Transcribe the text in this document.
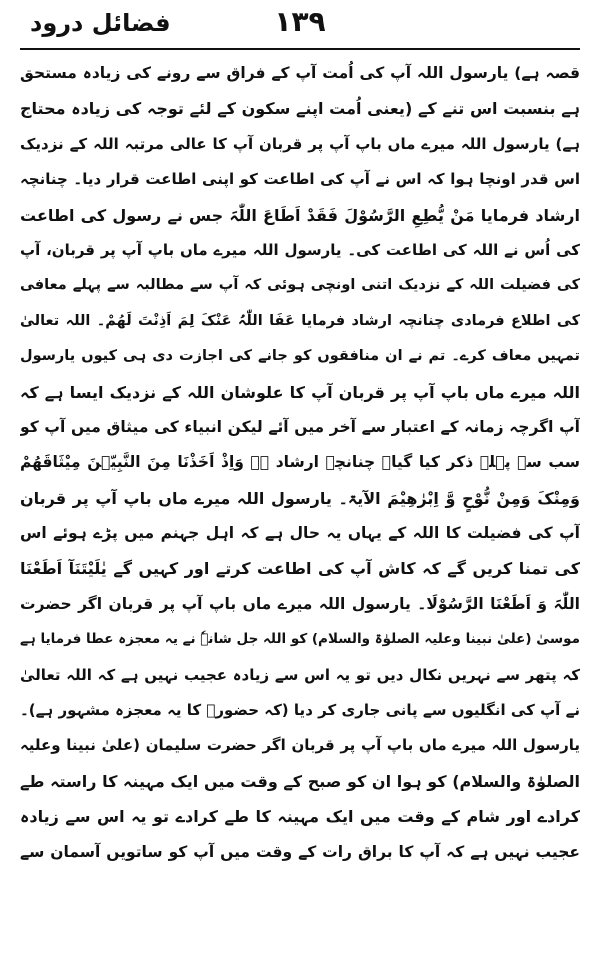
فضائل درود	١٣٩
قصہ ہے) یارسول اللہ آپ کی اُمت آپ کے فراق سے رونے کی زیادہ مستحق
ہے بنسبت اس تنے کے (یعنی اُمت اپنے سکون کے لئے توجہ کی زیادہ محتاج
ہے) یارسول اللہ میرے ماں باپ آپ پر قربان آپ کا عالی مرتبہ اللہ کے نزدیک
اس قدر اونچا ہوا کہ اس نے آپ کی اطاعت کو اپنی اطاعت قرار دیا۔ چنانچہ
ارشاد فرمایا مَنْ یُّطِعِ الرَّسُوْلَ فَقَدْ اَطَاعَ اللّٰہَ جس نے رسول کی اطاعت
کی اُس نے اللہ کی اطاعت کی۔ یارسول اللہ میرے ماں باپ آپ پر قربان، آپ
کی فضیلت اللہ کے نزدیک اتنی اونچی ہوئی کہ آپ سے مطالبہ سے پہلے معافی
کی اطلاع فرمادی چنانچہ ارشاد فرمایا عَفَا اللّٰہُ عَنْکَ لِمَ اَذِنْتَ لَھُمْ۔ اللہ تعالیٰ
تمہیں معاف کرے۔ تم نے ان منافقوں کو جانے کی اجازت دی ہی کیوں یارسول
اللہ میرے ماں باپ آپ پر قربان آپ کا علوشان اللہ کے نزدیک ایسا ہے کہ
آپ اگرچہ زمانہ کے اعتبار سے آخر میں آئے لیکن انبیاء کی میثاق میں آپ کو
سب سے پہلے ذکر کیا گیا۔ چنانچہ ارشاد ہے وَاِذْ اَخَذْنَا مِنَ النَّبِیّٖنَ مِیْثَاقَھُمْ
وَمِنْکَ وَمِنْ نُّوْحٍ وَّ اِبْرٰھِیْمَ الآیۃ۔ یارسول اللہ میرے ماں باپ آپ پر قربان
آپ کی فضیلت کا اللہ کے یہاں یہ حال ہے کہ اہل جہنم میں پڑے ہوئے اس
کی تمنا کریں گے کہ کاش آپ کی اطاعت کرتے اور کہیں گے یٰلَیْتَنَآ اَطَعْنَا
اللّٰہَ وَ اَطَعْنَا الرَّسُوْلَا۔ یارسول اللہ میرے ماں باپ آپ پر قربان اگر حضرت
موسیٰ (علیٰ نبینا وعلیہ الصلوٰۃ والسلام) کو اللہ جل شانہٗ نے یہ معجزہ عطا فرمایا ہے
کہ پتھر سے نہریں نکال دیں تو یہ اس سے زیادہ عجیب نہیں ہے کہ اللہ تعالیٰ
نے آپ کی انگلیوں سے پانی جاری کر دیا (کہ حضورؐ کا یہ معجزہ مشہور ہے)۔
یارسول اللہ میرے ماں باپ آپ پر قربان اگر حضرت سلیمان (علیٰ نبینا وعلیہ
الصلوٰۃ والسلام) کو ہوا ان کو صبح کے وقت میں ایک مہینہ کا راستہ طے
کرادے اور شام کے وقت میں ایک مہینہ کا طے کرادے تو یہ اس سے زیادہ
عجیب نہیں ہے کہ آپ کا براق رات کے وقت میں آپ کو ساتویں آسمان سے
